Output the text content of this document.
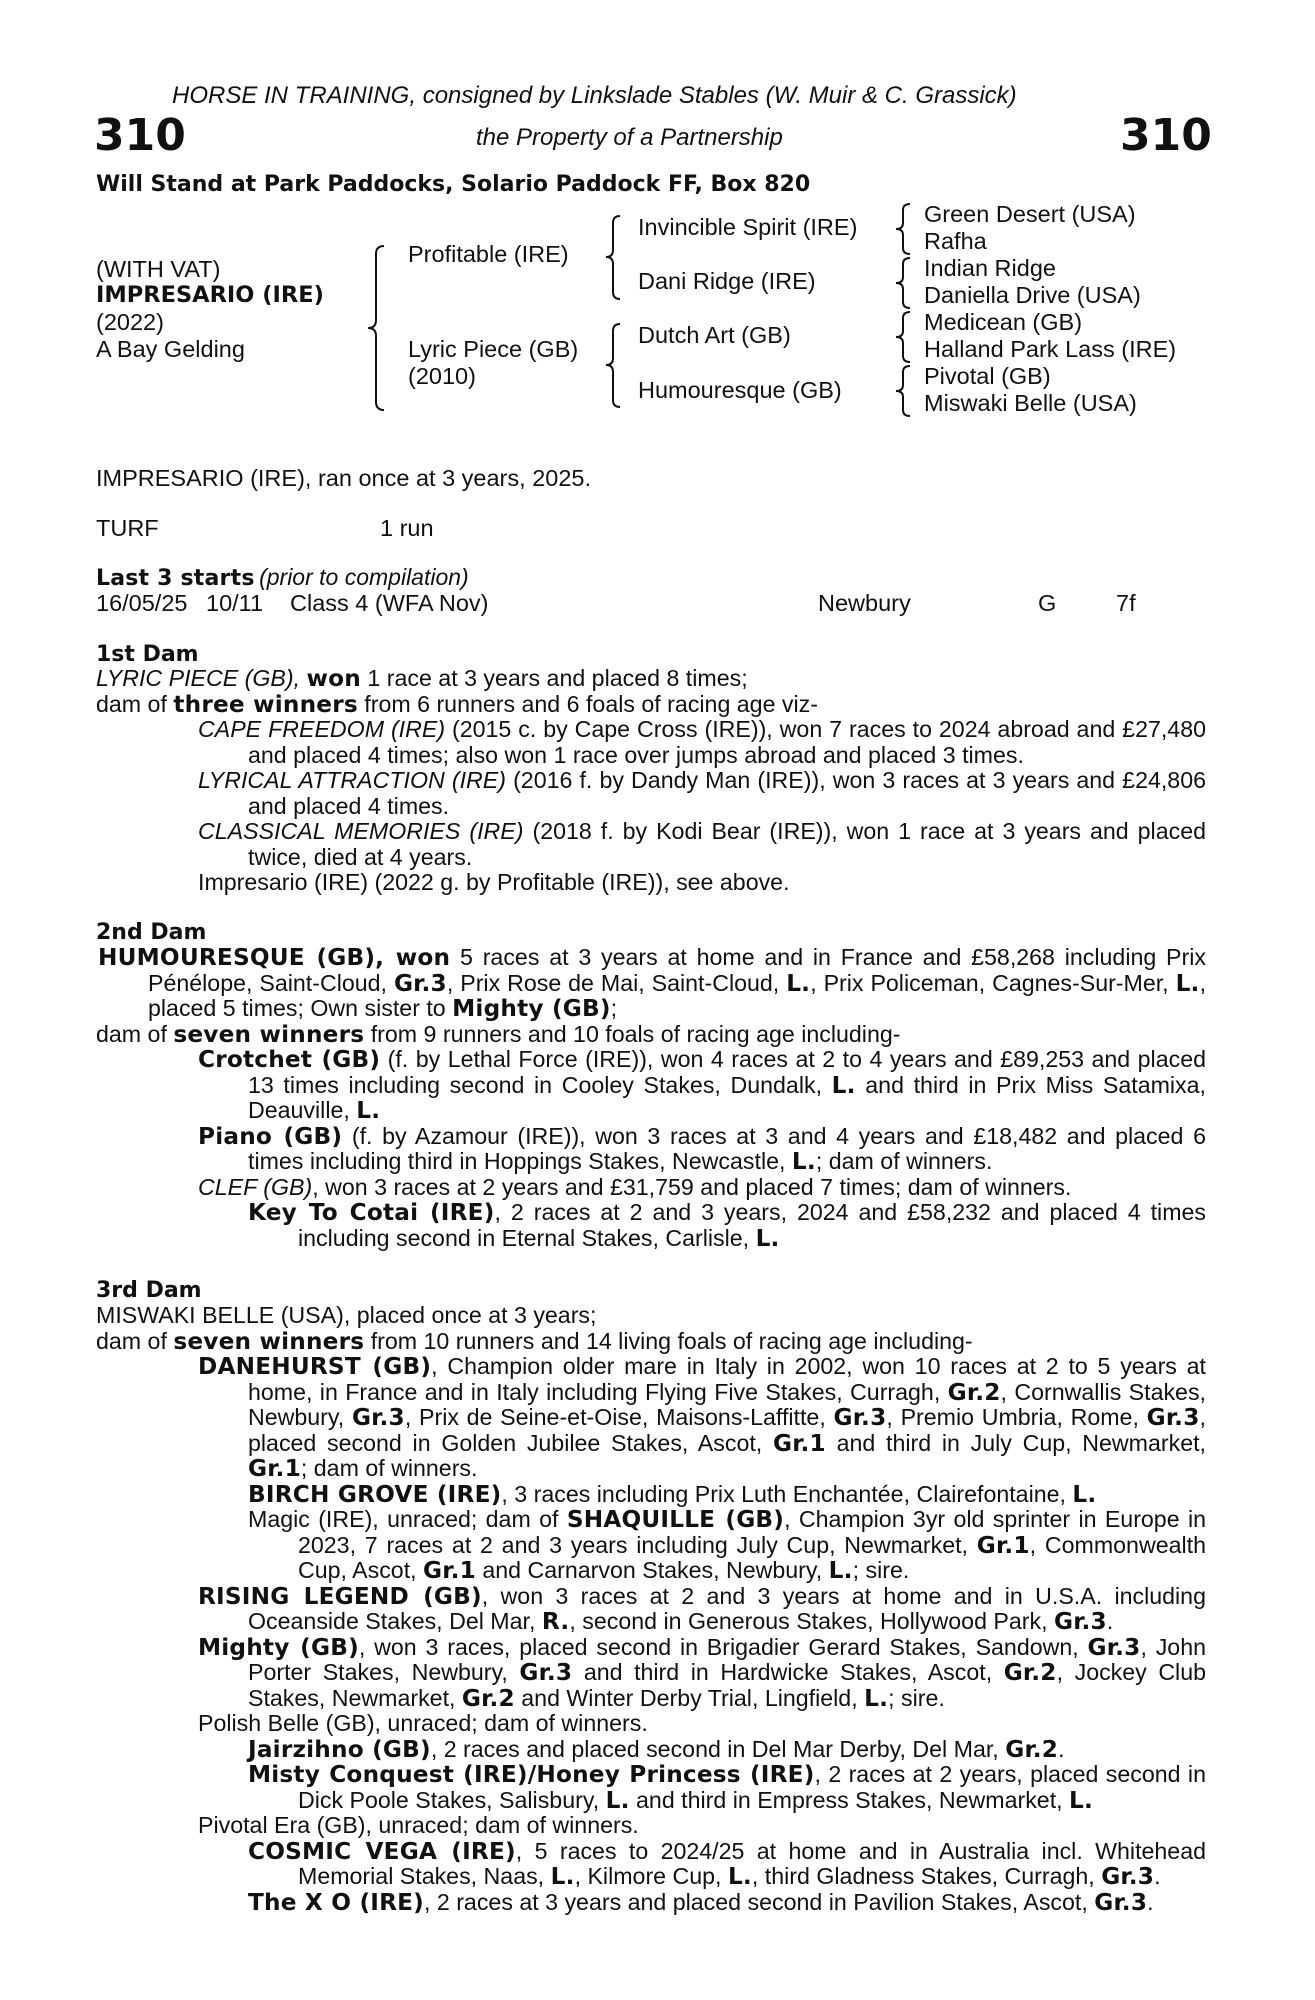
HORSE IN TRAINING, consigned by Linkslade Stables (W. Muir & C. Grassick)
310	310
the Property of a Partnership
Will Stand at Park Paddocks, Solario Paddock FF, Box 820
(WITH VAT)
IMPRESARIO (IRE)
(2022)
A Bay Gelding
Profitable (IRE)
Lyric Piece (GB)
(2010)
Invincible Spirit (IRE)
Dani Ridge (IRE)
Dutch Art (GB)
Humouresque (GB)
Green Desert (USA)
Rafha
Indian Ridge
Daniella Drive (USA)
Medicean (GB)
Halland Park Lass (IRE)
Pivotal (GB)
Miswaki Belle (USA)
IMPRESARIO (IRE), ran once at 3 years, 2025.
TURF	1 run
Last 3 starts (prior to compilation)
16/05/25 10/11 Class 4 (WFA Nov)	Newbury	G	7f
1st Dam

LYRIC PIECE (GB), won 1 race at 3 years and placed 8 times;

dam of three winners from 6 runners and 6 foals of racing age viz-

CAPE FREEDOM (IRE) (2015 c. by Cape Cross (IRE)), won 7 races to 2024 abroad and £27,480 and placed 4 times; also won 1 race over jumps abroad and placed 3 times.

LYRICAL ATTRACTION (IRE) (2016 f. by Dandy Man (IRE)), won 3 races at 3 years and £24,806 and placed 4 times.

CLASSICAL MEMORIES (IRE) (2018 f. by Kodi Bear (IRE)), won 1 race at 3 years and placed twice, died at 4 years.

Impresario (IRE) (2022 g. by Profitable (IRE)), see above.

2nd Dam

HUMOURESQUE (GB), won 5 races at 3 years at home and in France and £58,268 including Prix Pénélope, Saint-Cloud, Gr.3, Prix Rose de Mai, Saint-Cloud, L., Prix Policeman, Cagnes-Sur-Mer, L., placed 5 times; Own sister to Mighty (GB);

dam of seven winners from 9 runners and 10 foals of racing age including-

Crotchet (GB) (f. by Lethal Force (IRE)), won 4 races at 2 to 4 years and £89,253 and placed 13 times including second in Cooley Stakes, Dundalk, L. and third in Prix Miss Satamixa, Deauville, L.

Piano (GB) (f. by Azamour (IRE)), won 3 races at 3 and 4 years and £18,482 and placed 6 times including third in Hoppings Stakes, Newcastle, L.; dam of winners.

CLEF (GB), won 3 races at 2 years and £31,759 and placed 7 times; dam of winners.

Key To Cotai (IRE), 2 races at 2 and 3 years, 2024 and £58,232 and placed 4 times including second in Eternal Stakes, Carlisle, L.

3rd Dam

MISWAKI BELLE (USA), placed once at 3 years;

dam of seven winners from 10 runners and 14 living foals of racing age including-

DANEHURST (GB), Champion older mare in Italy in 2002, won 10 races at 2 to 5 years at home, in France and in Italy including Flying Five Stakes, Curragh, Gr.2, Cornwallis Stakes, Newbury, Gr.3, Prix de Seine-et-Oise, Maisons-Laffitte, Gr.3, Premio Umbria, Rome, Gr.3, placed second in Golden Jubilee Stakes, Ascot, Gr.1 and third in July Cup, Newmarket, Gr.1; dam of winners.

BIRCH GROVE (IRE), 3 races including Prix Luth Enchantée, Clairefontaine, L.

Magic (IRE), unraced; dam of SHAQUILLE (GB), Champion 3yr old sprinter in Europe in 2023, 7 races at 2 and 3 years including July Cup, Newmarket, Gr.1, Commonwealth Cup, Ascot, Gr.1 and Carnarvon Stakes, Newbury, L.; sire.

RISING LEGEND (GB), won 3 races at 2 and 3 years at home and in U.S.A. including Oceanside Stakes, Del Mar, R., second in Generous Stakes, Hollywood Park, Gr.3.

Mighty (GB), won 3 races, placed second in Brigadier Gerard Stakes, Sandown, Gr.3, John Porter Stakes, Newbury, Gr.3 and third in Hardwicke Stakes, Ascot, Gr.2, Jockey Club Stakes, Newmarket, Gr.2 and Winter Derby Trial, Lingfield, L.; sire.

Polish Belle (GB), unraced; dam of winners.

Jairzihno (GB), 2 races and placed second in Del Mar Derby, Del Mar, Gr.2.

Misty Conquest (IRE)/Honey Princess (IRE), 2 races at 2 years, placed second in Dick Poole Stakes, Salisbury, L. and third in Empress Stakes, Newmarket, L.

Pivotal Era (GB), unraced; dam of winners.

COSMIC VEGA (IRE), 5 races to 2024/25 at home and in Australia incl. Whitehead Memorial Stakes, Naas, L., Kilmore Cup, L., third Gladness Stakes, Curragh, Gr.3.

The X O (IRE), 2 races at 3 years and placed second in Pavilion Stakes, Ascot, Gr.3.
